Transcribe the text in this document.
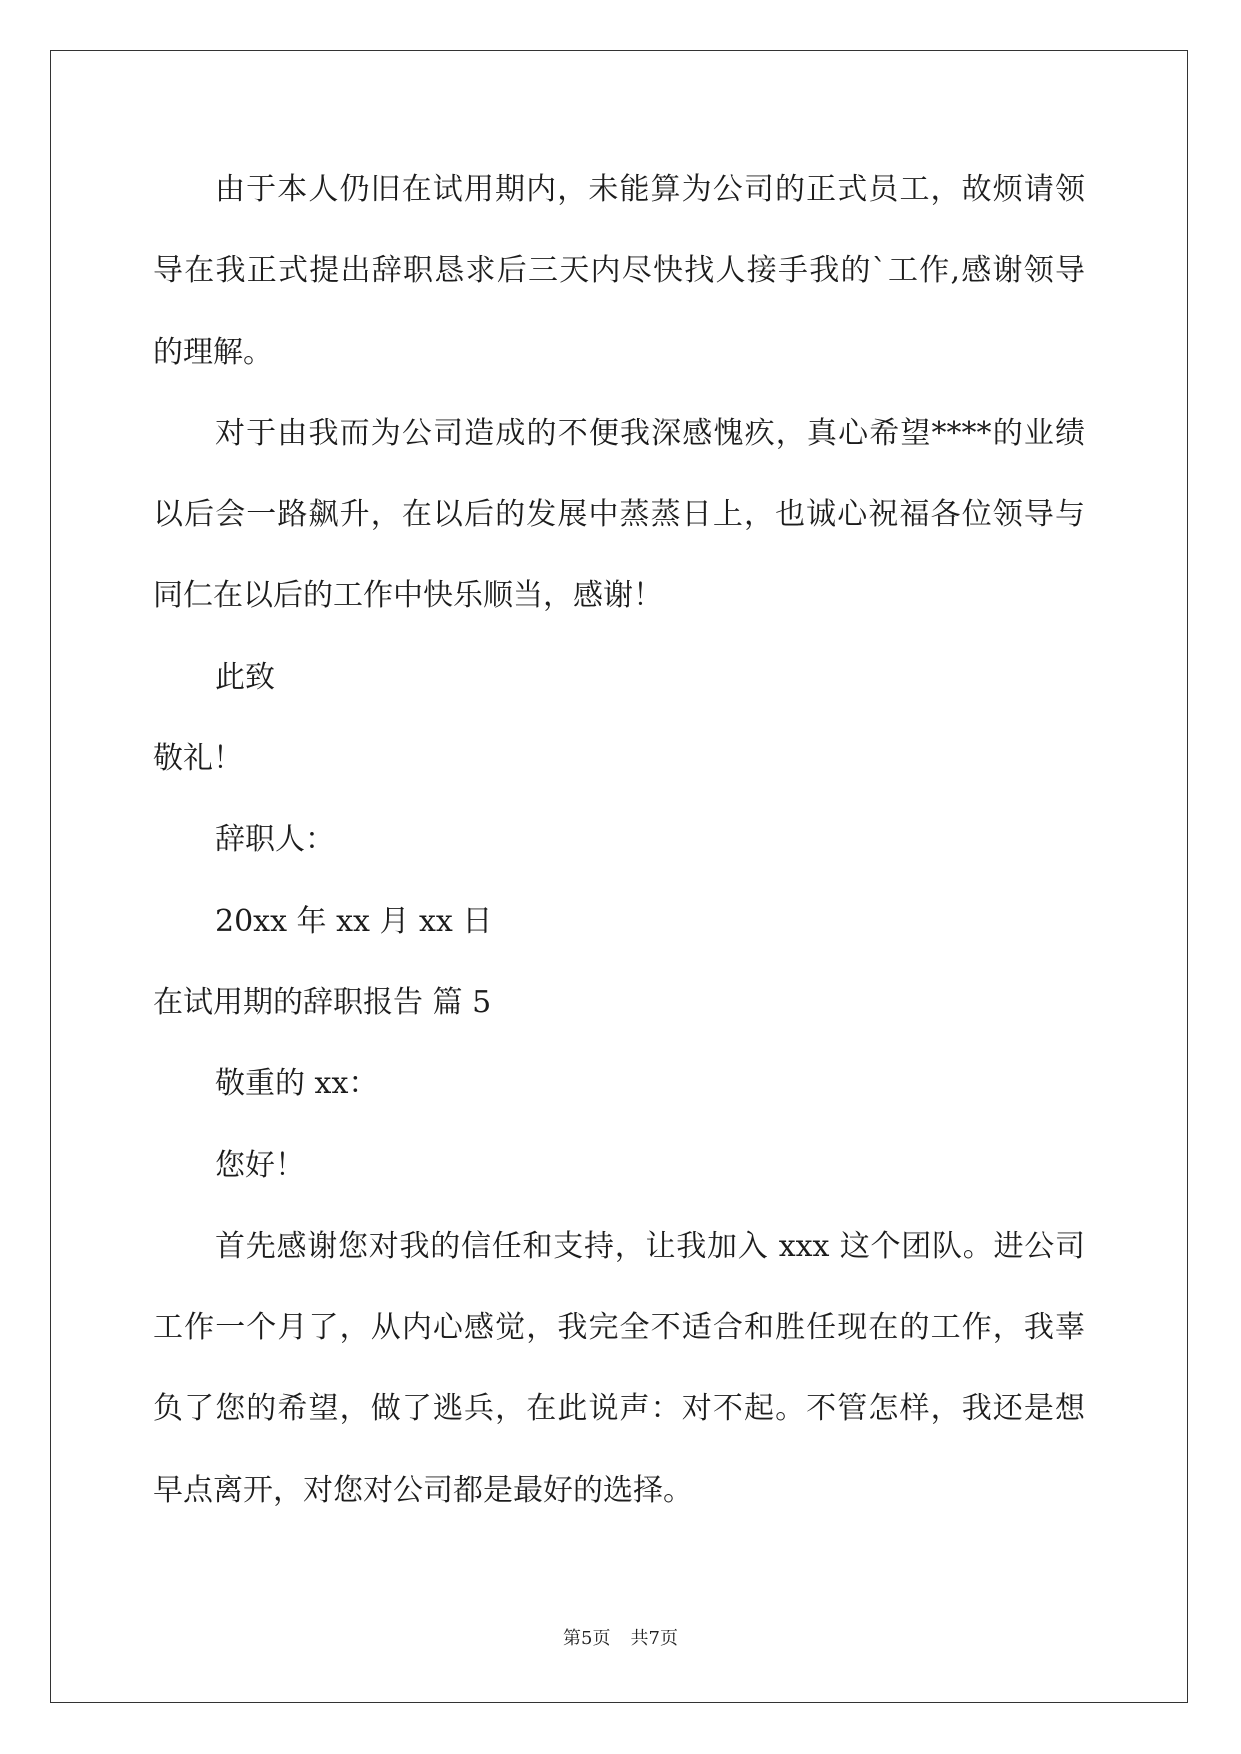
由于本人仍旧在试用期内，未能算为公司的正式员工，故烦请领
导在我正式提出辞职恳求后三天内尽快找人接手我的`工作,感谢领导
的理解。
对于由我而为公司造成的不便我深感愧疚，真心希望****的业绩
以后会一路飙升，在以后的发展中蒸蒸日上，也诚心祝福各位领导与
同仁在以后的工作中快乐顺当，感谢！
此致
敬礼！
辞职人：
20xx 年 xx 月 xx 日
在试用期的辞职报告 篇 5
敬重的 xx：
您好！
首先感谢您对我的信任和支持，让我加入 xxx 这个团队。进公司
工作一个月了，从内心感觉，我完全不适合和胜任现在的工作，我辜
负了您的希望，做了逃兵，在此说声：对不起。不管怎样，我还是想
早点离开，对您对公司都是最好的选择。
第5页 共7页
